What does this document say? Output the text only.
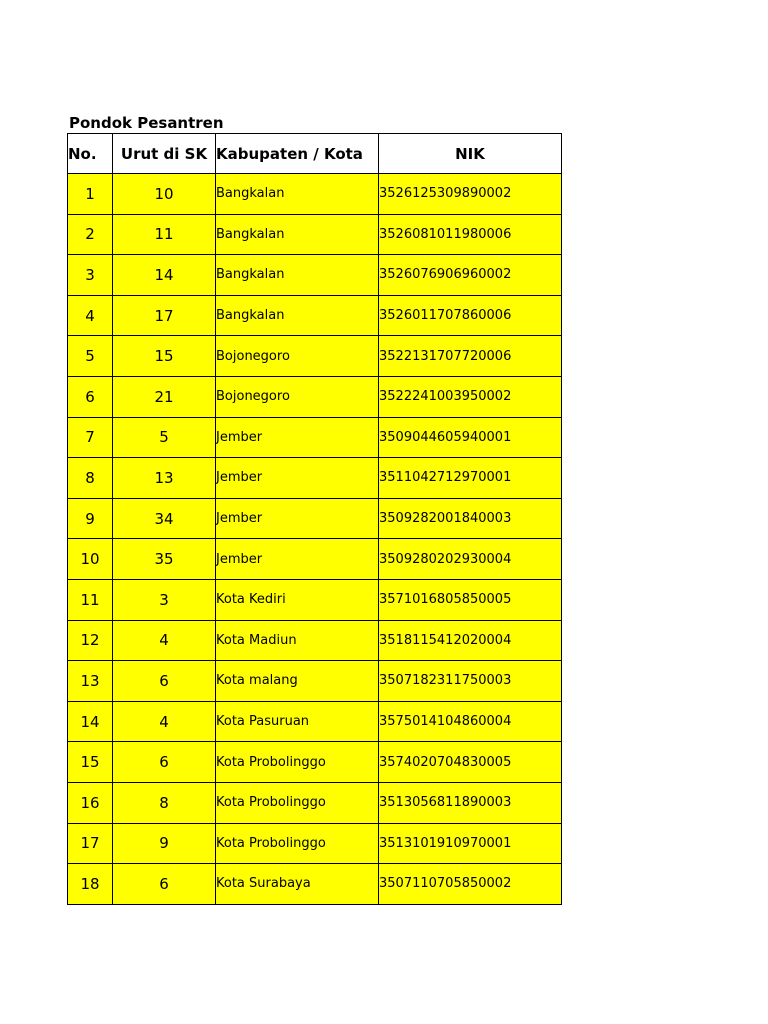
Pondok Pesantren
No.	Urut di SK	Kabupaten / Kota	NIK
1	10	Bangkalan	3526125309890002
2	11	Bangkalan	3526081011980006
3	14	Bangkalan	3526076906960002
4	17	Bangkalan	3526011707860006
5	15	Bojonegoro	3522131707720006
6	21	Bojonegoro	3522241003950002
7	5	Jember	3509044605940001
8	13	Jember	3511042712970001
9	34	Jember	3509282001840003
10	35	Jember	3509280202930004
11	3	Kota Kediri	3571016805850005
12	4	Kota Madiun	3518115412020004
13	6	Kota malang	3507182311750003
14	4	Kota Pasuruan	3575014104860004
15	6	Kota Probolinggo	3574020704830005
16	8	Kota Probolinggo	3513056811890003
17	9	Kota Probolinggo	3513101910970001
18	6	Kota Surabaya	3507110705850002
